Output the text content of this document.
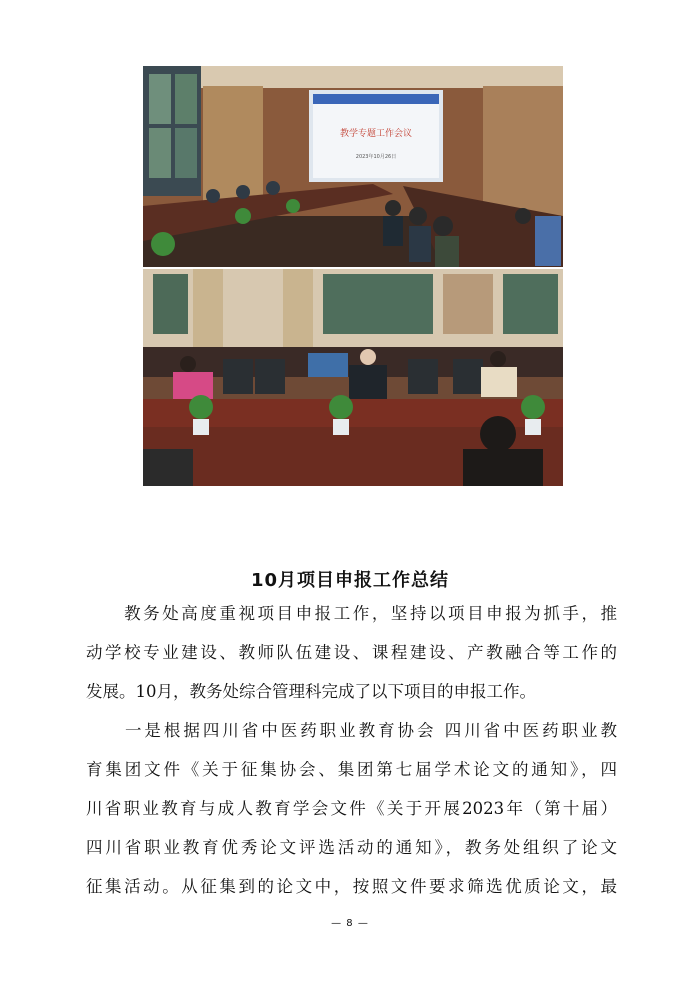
教学专题工作会议
2023年10月26日
10月项目申报工作总结
　　教务处高度重视项目申报工作，坚持以项目申报为抓手，推
动学校专业建设、教师队伍建设、课程建设、产教融合等工作的
发展。10月，教务处综合管理科完成了以下项目的申报工作。
　　一是根据四川省中医药职业教育协会 四川省中医药职业教
育集团文件《关于征集协会、集团第七届学术论文的通知》，四
川省职业教育与成人教育学会文件《关于开展2023年（第十届）
四川省职业教育优秀论文评选活动的通知》，教务处组织了论文
征集活动。从征集到的论文中，按照文件要求筛选优质论文，最
— 8 —
